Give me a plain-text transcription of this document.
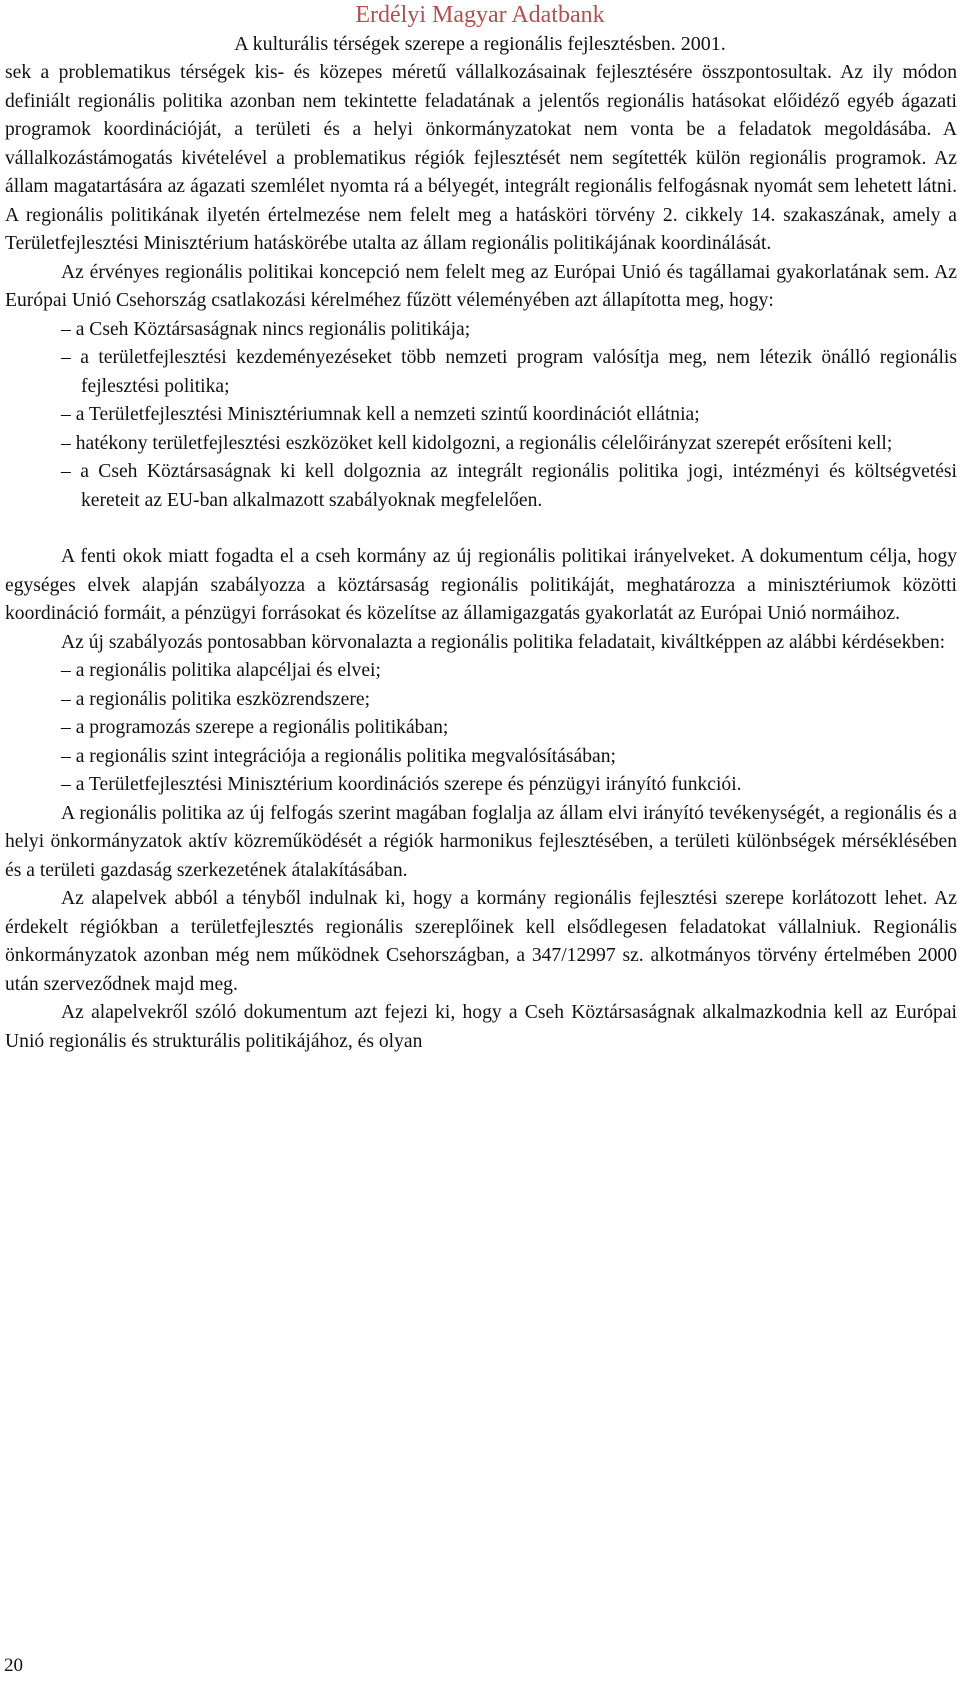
Erdélyi Magyar Adatbank
A kulturális térségek szerepe a regionális fejlesztésben. 2001.

sek a problematikus térségek kis- és közepes méretű vállalkozásainak fejlesztésére összpontosultak. Az ily módon definiált regionális politika azonban nem tekintette feladatának a jelentős regionális hatásokat előidéző egyéb ágazati programok koordinációját, a területi és a helyi önkormányzatokat nem vonta be a feladatok megoldásába. A vállalkozástámogatás kivételével a problematikus régiók fejlesztését nem segítették külön regionális programok. Az állam magatartására az ágazati szemlélet nyomta rá a bélyegét, integrált regionális felfogásnak nyomát sem lehetett látni. A regionális politikának ilyetén értelmezése nem felelt meg a hatásköri törvény 2. cikkely 14. szakaszának, amely a Területfejlesztési Minisztérium hatáskörébe utalta az állam regionális politikájának koordinálását.

Az érvényes regionális politikai koncepció nem felelt meg az Európai Unió és tagállamai gyakorlatának sem. Az Európai Unió Csehország csatlakozási kérelméhez fűzött véleményében azt állapította meg, hogy:

– a Cseh Köztársaságnak nincs regionális politikája;

– a területfejlesztési kezdeményezéseket több nemzeti program valósítja meg, nem létezik önálló regionális fejlesztési politika;

– a Területfejlesztési Minisztériumnak kell a nemzeti szintű koordinációt ellátnia;

– hatékony területfejlesztési eszközöket kell kidolgozni, a regionális célelőirányzat szerepét erősíteni kell;

– a Cseh Köztársaságnak ki kell dolgoznia az integrált regionális politika jogi, intézményi és költségvetési kereteit az EU-ban alkalmazott szabályoknak megfelelően.

A fenti okok miatt fogadta el a cseh kormány az új regionális politikai irányelveket. A dokumentum célja, hogy egységes elvek alapján szabályozza a köztársaság regionális politikáját, meghatározza a minisztériumok közötti koordináció formáit, a pénzügyi forrásokat és közelítse az államigazgatás gyakorlatát az Európai Unió normáihoz.

Az új szabályozás pontosabban körvonalazta a regionális politika feladatait, kiváltképpen az alábbi kérdésekben:

– a regionális politika alapcéljai és elvei;

– a regionális politika eszközrendszere;

– a programozás szerepe a regionális politikában;

– a regionális szint integrációja a regionális politika megvalósításában;

– a Területfejlesztési Minisztérium koordinációs szerepe és pénzügyi irányító funkciói.

A regionális politika az új felfogás szerint magában foglalja az állam elvi irányító tevékenységét, a regionális és a helyi önkormányzatok aktív közreműködését a régiók harmonikus fejlesztésében, a területi különbségek mérséklésében és a területi gazdaság szerkezetének átalakításában.

Az alapelvek abból a tényből indulnak ki, hogy a kormány regionális fejlesztési szerepe korlátozott lehet. Az érdekelt régiókban a területfejlesztés regionális szereplőinek kell elsődlegesen feladatokat vállalniuk. Regionális önkormányzatok azonban még nem működnek Csehországban, a 347/12997 sz. alkotmányos törvény értelmében 2000 után szerveződnek majd meg.

Az alapelvekről szóló dokumentum azt fejezi ki, hogy a Cseh Köztársaságnak alkalmazkodnia kell az Európai Unió regionális és strukturális politikájához, és olyan

20
